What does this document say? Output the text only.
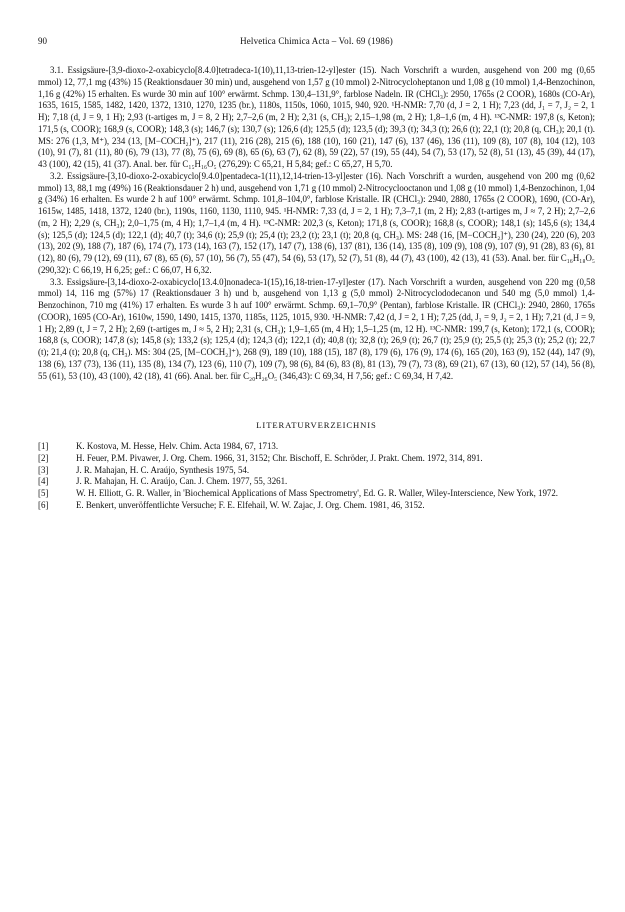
90	Helvetica Chimica Acta – Vol. 69 (1986)

3.1. Essigsäure-[3,9-dioxo-2-oxabicyclo[8.4.0]tetradeca-1(10),11,13-trien-12-yl]ester (15). Nach Vorschrift a wurden, ausgehend von 200 mg (0,65 mmol) 12, 77,1 mg (43%) 15 (Reaktionsdauer 30 min) und, ausgehend von 1,57 g (10 mmol) 2-Nitrocycloheptanon und 1,08 g (10 mmol) 1,4-Benzochinon, 1,16 g (42%) 15 erhalten. Es wurde 30 min auf 100° erwärmt. Schmp. 130,4–131,9°, farblose Nadeln. IR (CHCl₃): 2950, 1765s (2 COOR), 1680s (CO-Ar), 1635, 1615, 1585, 1482, 1420, 1372, 1310, 1270, 1235 (br.), 1180s, 1150s, 1060, 1015, 940, 920. ¹H-NMR: 7,70 (d, J = 2, 1 H); 7,23 (dd, J₁ = 7, J₂ = 2, 1 H); 7,18 (d, J = 9, 1 H); 2,93 (t-artiges m, J = 8, 2 H); 2,7–2,6 (m, 2 H); 2,31 (s, CH₃); 2,15–1,98 (m, 2 H); 1,8–1,6 (m, 4 H). ¹³C-NMR: 197,8 (s, Keton); 171,5 (s, COOR); 168,9 (s, COOR); 148,3 (s); 146,7 (s); 130,7 (s); 126,6 (d); 125,5 (d); 123,5 (d); 39,3 (t); 34,3 (t); 26,6 (t); 22,1 (t); 20,8 (q, CH₃); 20,1 (t). MS: 276 (1,3, M⁺), 234 (13, [M−COCH₂]⁺), 217 (11), 216 (28), 215 (6), 188 (10), 160 (21), 147 (6), 137 (46), 136 (11), 109 (8), 107 (8), 104 (12), 103 (10), 91 (7), 81 (11), 80 (6), 79 (13), 77 (8), 75 (6), 69 (8), 65 (6), 63 (7), 62 (8), 59 (22), 57 (19), 55 (44), 54 (7), 53 (17), 52 (8), 51 (13), 45 (39), 44 (17), 43 (100), 42 (15), 41 (37). Anal. ber. für C₁₅H₁₆O₅ (276,29): C 65,21, H 5,84; gef.: C 65,27, H 5,70.

3.2. Essigsäure-[3,10-dioxo-2-oxabicyclo[9.4.0]pentadeca-1(11),12,14-trien-13-yl]ester (16). Nach Vorschrift a wurden, ausgehend von 200 mg (0,62 mmol) 13, 88,1 mg (49%) 16 (Reaktionsdauer 2 h) und, ausgehend von 1,71 g (10 mmol) 2-Nitrocyclooctanon und 1,08 g (10 mmol) 1,4-Benzochinon, 1,04 g (34%) 16 erhalten. Es wurde 2 h auf 100° erwärmt. Schmp. 101,8–104,0°, farblose Kristalle. IR (CHCl₃): 2940, 2880, 1765s (2 COOR), 1690, (CO-Ar), 1615w, 1485, 1418, 1372, 1240 (br.), 1190s, 1160, 1130, 1110, 945. ¹H-NMR: 7,33 (d, J = 2, 1 H); 7,3–7,1 (m, 2 H); 2,83 (t-artiges m, J ≈ 7, 2 H); 2,7–2,6 (m, 2 H); 2,29 (s, CH₃); 2,0–1,75 (m, 4 H); 1,7–1,4 (m, 4 H). ¹³C-NMR: 202,3 (s, Keton); 171,8 (s, COOR); 168,8 (s, COOR); 148,1 (s); 145,6 (s); 134,4 (s); 125,5 (d); 124,5 (d); 122,1 (d); 40,7 (t); 34,6 (t); 25,9 (t); 25,4 (t); 23,2 (t); 23,1 (t); 20,8 (q, CH₃). MS: 248 (16, [M−COCH₂]⁺), 230 (24), 220 (6), 203 (13), 202 (9), 188 (7), 187 (6), 174 (7), 173 (14), 163 (7), 152 (17), 147 (7), 138 (6), 137 (81), 136 (14), 135 (8), 109 (9), 108 (9), 107 (9), 91 (28), 83 (6), 81 (12), 80 (6), 79 (12), 69 (11), 67 (8), 65 (6), 57 (10), 56 (7), 55 (47), 54 (6), 53 (17), 52 (7), 51 (8), 44 (7), 43 (100), 42 (13), 41 (53). Anal. ber. für C₁₆H₁₈O₅ (290,32): C 66,19, H 6,25; gef.: C 66,07, H 6,32.

3.3. Essigsäure-[3,14-dioxo-2-oxabicyclo[13.4.0]nonadeca-1(15),16,18-trien-17-yl]ester (17). Nach Vorschrift a wurden, ausgehend von 220 mg (0,58 mmol) 14, 116 mg (57%) 17 (Reaktionsdauer 3 h) und b, ausgehend von 1,13 g (5,0 mmol) 2-Nitrocyclododecanon und 540 mg (5,0 mmol) 1,4-Benzochinon, 710 mg (41%) 17 erhalten. Es wurde 3 h auf 100° erwärmt. Schmp. 69,1–70,9° (Pentan), farblose Kristalle. IR (CHCl₃): 2940, 2860, 1765s (COOR), 1695 (CO-Ar), 1610w, 1590, 1490, 1415, 1370, 1185s, 1125, 1015, 930. ¹H-NMR: 7,42 (d, J = 2, 1 H); 7,25 (dd, J₁ = 9, J₂ = 2, 1 H); 7,21 (d, J = 9, 1 H); 2,89 (t, J = 7, 2 H); 2,69 (t-artiges m, J ≈ 5, 2 H); 2,31 (s, CH₃); 1,9–1,65 (m, 4 H); 1,5–1,25 (m, 12 H). ¹³C-NMR: 199,7 (s, Keton); 172,1 (s, COOR); 168,8 (s, COOR); 147,8 (s); 145,8 (s); 133,2 (s); 125,4 (d); 124,3 (d); 122,1 (d); 40,8 (t); 32,8 (t); 26,9 (t); 26,7 (t); 25,9 (t); 25,5 (t); 25,3 (t); 25,2 (t); 22,7 (t); 21,4 (t); 20,8 (q, CH₃). MS: 304 (25, [M−COCH₂]⁺), 268 (9), 189 (10), 188 (15), 187 (8), 179 (6), 176 (9), 174 (6), 165 (20), 163 (9), 152 (44), 147 (9), 138 (6), 137 (73), 136 (11), 135 (8), 134 (7), 123 (6), 110 (7), 109 (7), 98 (6), 84 (6), 83 (8), 81 (13), 79 (7), 73 (8), 69 (21), 67 (13), 60 (12), 57 (14), 56 (8), 55 (61), 53 (10), 43 (100), 42 (18), 41 (66). Anal. ber. für C₂₀H₂₆O₅ (346,43): C 69,34, H 7,56; gef.: C 69,34, H 7,42.

LITERATURVERZEICHNIS
[1]	K. Kostova, M. Hesse, Helv. Chim. Acta 1984, 67, 1713.
[2]	H. Feuer, P.M. Pivawer, J. Org. Chem. 1966, 31, 3152; Chr. Bischoff, E. Schröder, J. Prakt. Chem. 1972, 314, 891.
[3]	J. R. Mahajan, H. C. Araújo, Synthesis 1975, 54.
[4]	J. R. Mahajan, H. C. Araújo, Can. J. Chem. 1977, 55, 3261.
[5]	W. H. Elliott, G. R. Waller, in 'Biochemical Applications of Mass Spectrometry', Ed. G. R. Waller, Wiley-Interscience, New York, 1972.
[6]	E. Benkert, unveröffentlichte Versuche; F. E. Elfehail, W. W. Zajac, J. Org. Chem. 1981, 46, 3152.
